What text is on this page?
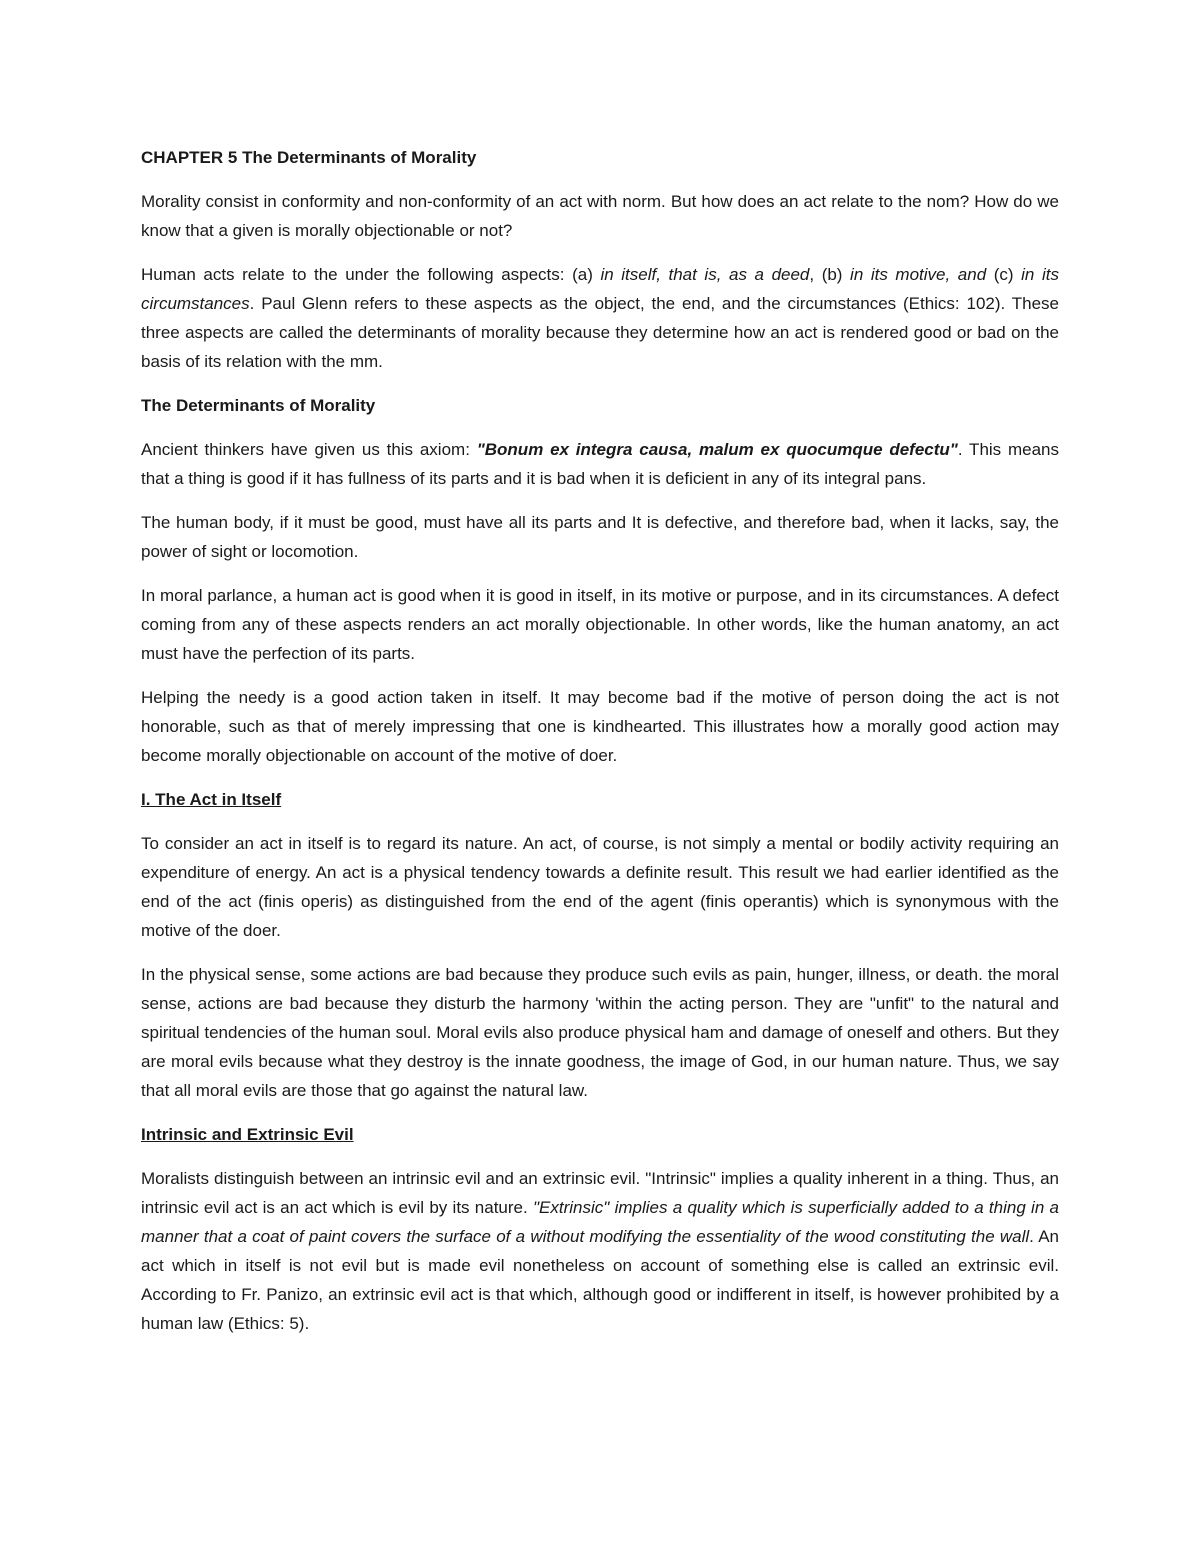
CHAPTER 5 The Determinants of Morality

Morality consist in conformity and non-conformity of an act with norm. But how does an act relate to the nom? How do we know that a given is morally objectionable or not?

Human acts relate to the under the following aspects: (a) in itself, that is, as a deed, (b) in its motive, and (c) in its circumstances. Paul Glenn refers to these aspects as the object, the end, and the circumstances (Ethics: 102). These three aspects are called the determinants of morality because they determine how an act is rendered good or bad on the basis of its relation with the mm.

The Determinants of Morality

Ancient thinkers have given us this axiom: "Bonum ex integra causa, malum ex quocumque defectu". This means that a thing is good if it has fullness of its parts and it is bad when it is deficient in any of its integral pans.

The human body, if it must be good, must have all its parts and It is defective, and therefore bad, when it lacks, say, the power of sight or locomotion.

In moral parlance, a human act is good when it is good in itself, in its motive or purpose, and in its circumstances. A defect coming from any of these aspects renders an act morally objectionable. In other words, like the human anatomy, an act must have the perfection of its parts.

Helping the needy is a good action taken in itself. It may become bad if the motive of person doing the act is not honorable, such as that of merely impressing that one is kindhearted. This illustrates how a morally good action may become morally objectionable on account of the motive of doer.

I. The Act in Itself

To consider an act in itself is to regard its nature. An act, of course, is not simply a mental or bodily activity requiring an expenditure of energy. An act is a physical tendency towards a definite result. This result we had earlier identified as the end of the act (finis operis) as distinguished from the end of the agent (finis operantis) which is synonymous with the motive of the doer.

In the physical sense, some actions are bad because they produce such evils as pain, hunger, illness, or death. the moral sense, actions are bad because they disturb the harmony 'within the acting person. They are "unfit" to the natural and spiritual tendencies of the human soul. Moral evils also produce physical ham and damage of oneself and others. But they are moral evils because what they destroy is the innate goodness, the image of God, in our human nature. Thus, we say that all moral evils are those that go against the natural law.

Intrinsic and Extrinsic Evil

Moralists distinguish between an intrinsic evil and an extrinsic evil. "Intrinsic" implies a quality inherent in a thing. Thus, an intrinsic evil act is an act which is evil by its nature. "Extrinsic" implies a quality which is superficially added to a thing in a manner that a coat of paint covers the surface of a without modifying the essentiality of the wood constituting the wall. An act which in itself is not evil but is made evil nonetheless on account of something else is called an extrinsic evil. According to Fr. Panizo, an extrinsic evil act is that which, although good or indifferent in itself, is however prohibited by a human law (Ethics: 5).
